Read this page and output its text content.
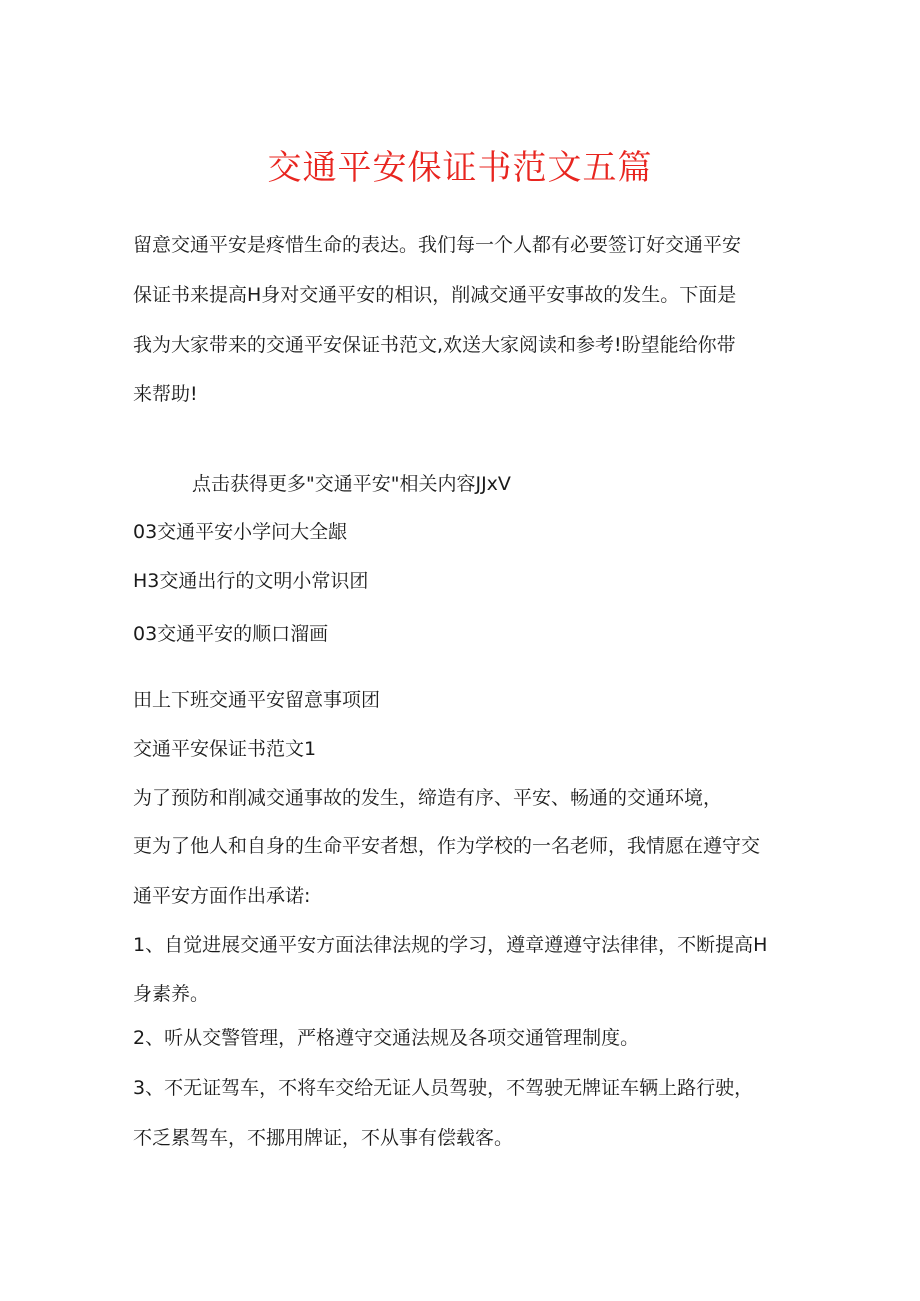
交通平安保证书范文五篇
留意交通平安是疼惜生命的表达。我们每一个人都有必要签订好交通平安
保证书来提高H身对交通平安的相识，削减交通平安事故的发生。下面是
我为大家带来的交通平安保证书范文,欢送大家阅读和参考!盼望能给你带
来帮助!
点击获得更多"交通平安"相关内容JJxV
03交通平安小学问大全龈
H3交通出行的文明小常识团
03交通平安的顺口溜画
田上下班交通平安留意事项团
交通平安保证书范文1
为了预防和削减交通事故的发生，缔造有序、平安、畅通的交通环境，
更为了他人和自身的生命平安者想，作为学校的一名老师，我情愿在遵守交
通平安方面作出承诺:
1、自觉进展交通平安方面法律法规的学习，遵章遵遵守法律律，不断提高H
身素养。
2、听从交警管理，严格遵守交通法规及各项交通管理制度。
3、不无证驾车，不将车交给无证人员驾驶，不驾驶无牌证车辆上路行驶，
不乏累驾车，不挪用牌证，不从事有偿载客。
